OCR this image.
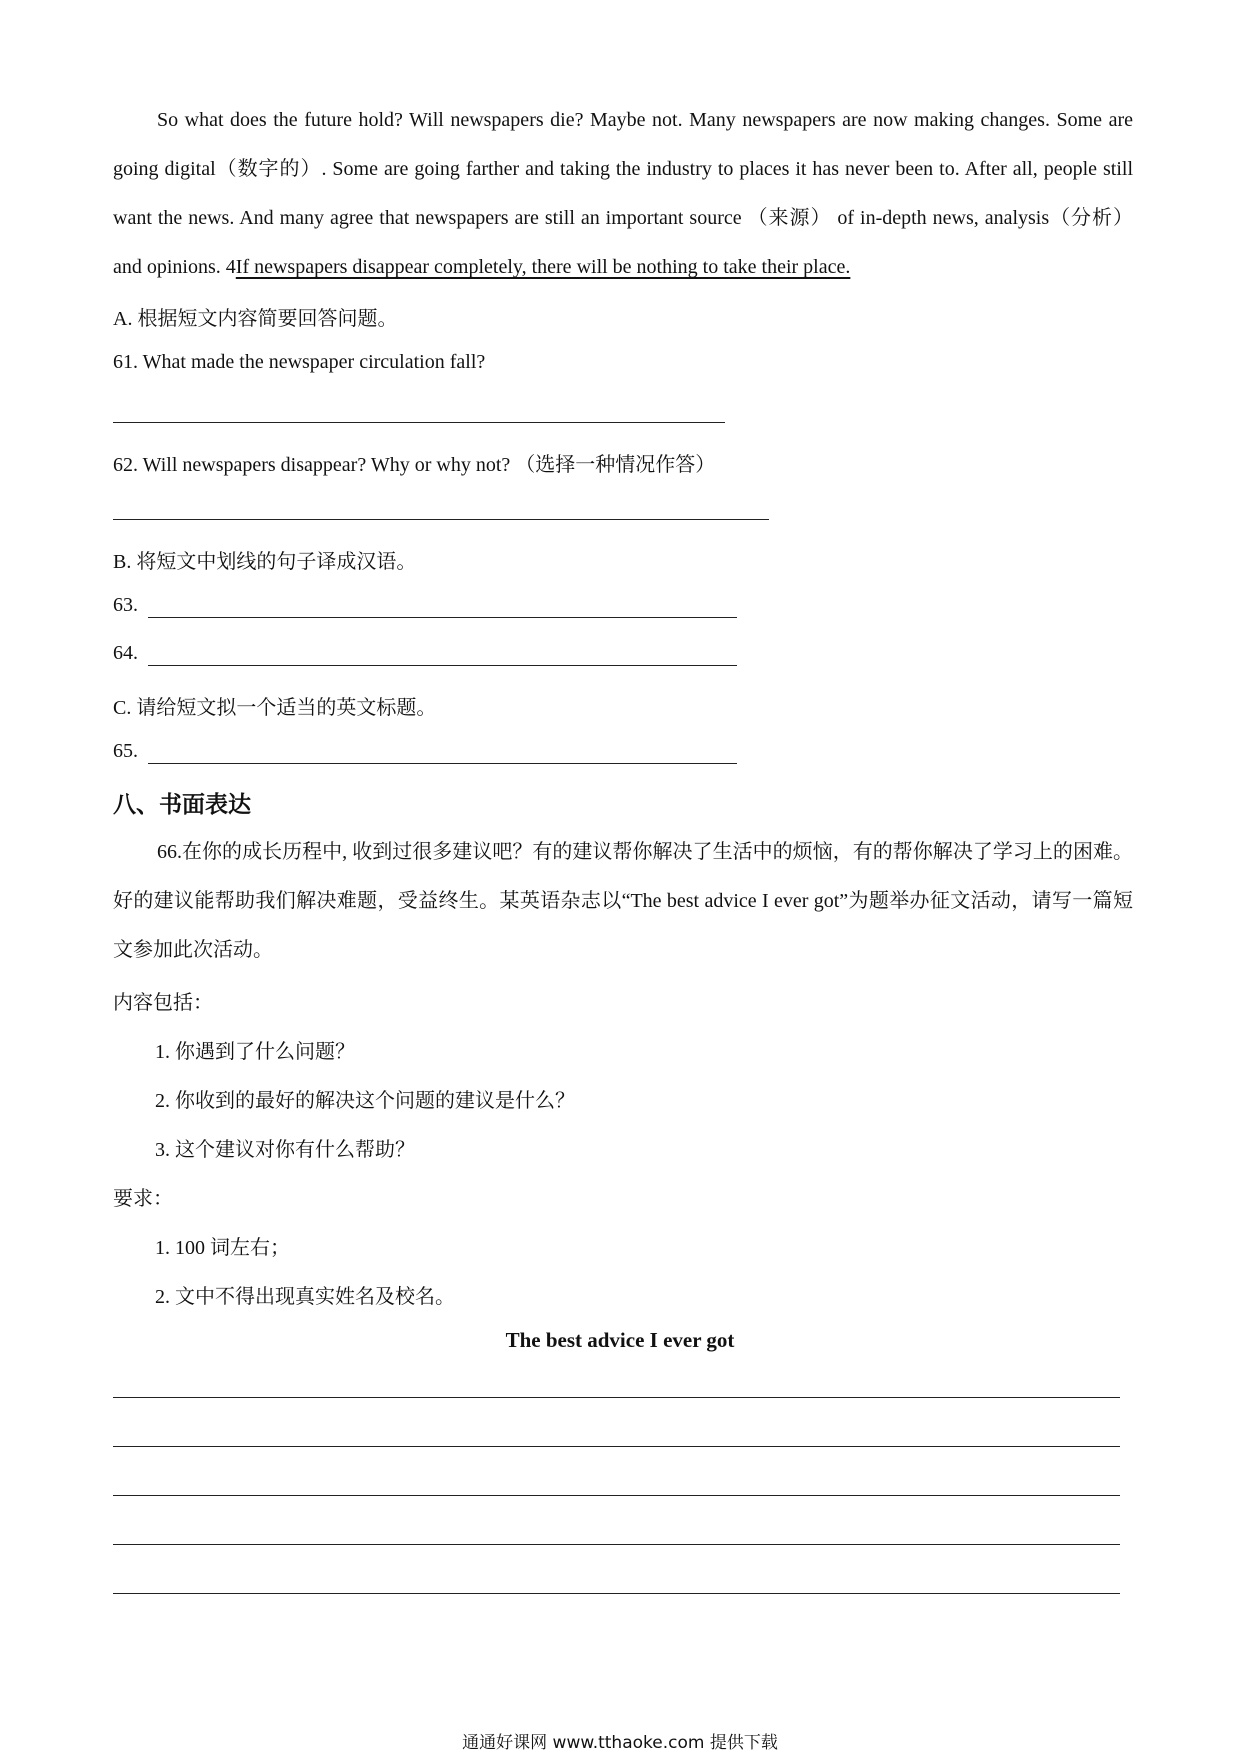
So what does the future hold? Will newspapers die? Maybe not. Many newspapers are now making changes. Some are going digital（数字的）. Some are going farther and taking the industry to places it has never been to. After all, people still want the news. And many agree that newspapers are still an important source （来源） of in-depth news, analysis（分析） and opinions. 4If newspapers disappear completely, there will be nothing to take their place.
A. 根据短文内容简要回答问题。
61. What made the newspaper circulation fall?
62. Will newspapers disappear? Why or why not? （选择一种情况作答）
B. 将短文中划线的句子译成汉语。
63.
64.
C. 请给短文拟一个适当的英文标题。
65.
八、书面表达
66.在你的成长历程中, 收到过很多建议吧？有的建议帮你解决了生活中的烦恼，有的帮你解决了学习上的困难。好的建议能帮助我们解决难题，受益终生。某英语杂志以“The best advice I ever got”为题举办征文活动，请写一篇短文参加此次活动。
内容包括：
1. 你遇到了什么问题？
2. 你收到的最好的解决这个问题的建议是什么？
3. 这个建议对你有什么帮助？
要求：
1. 100 词左右；
2. 文中不得出现真实姓名及校名。
The best advice I ever got
通通好课网 www.tthaoke.com 提供下载
